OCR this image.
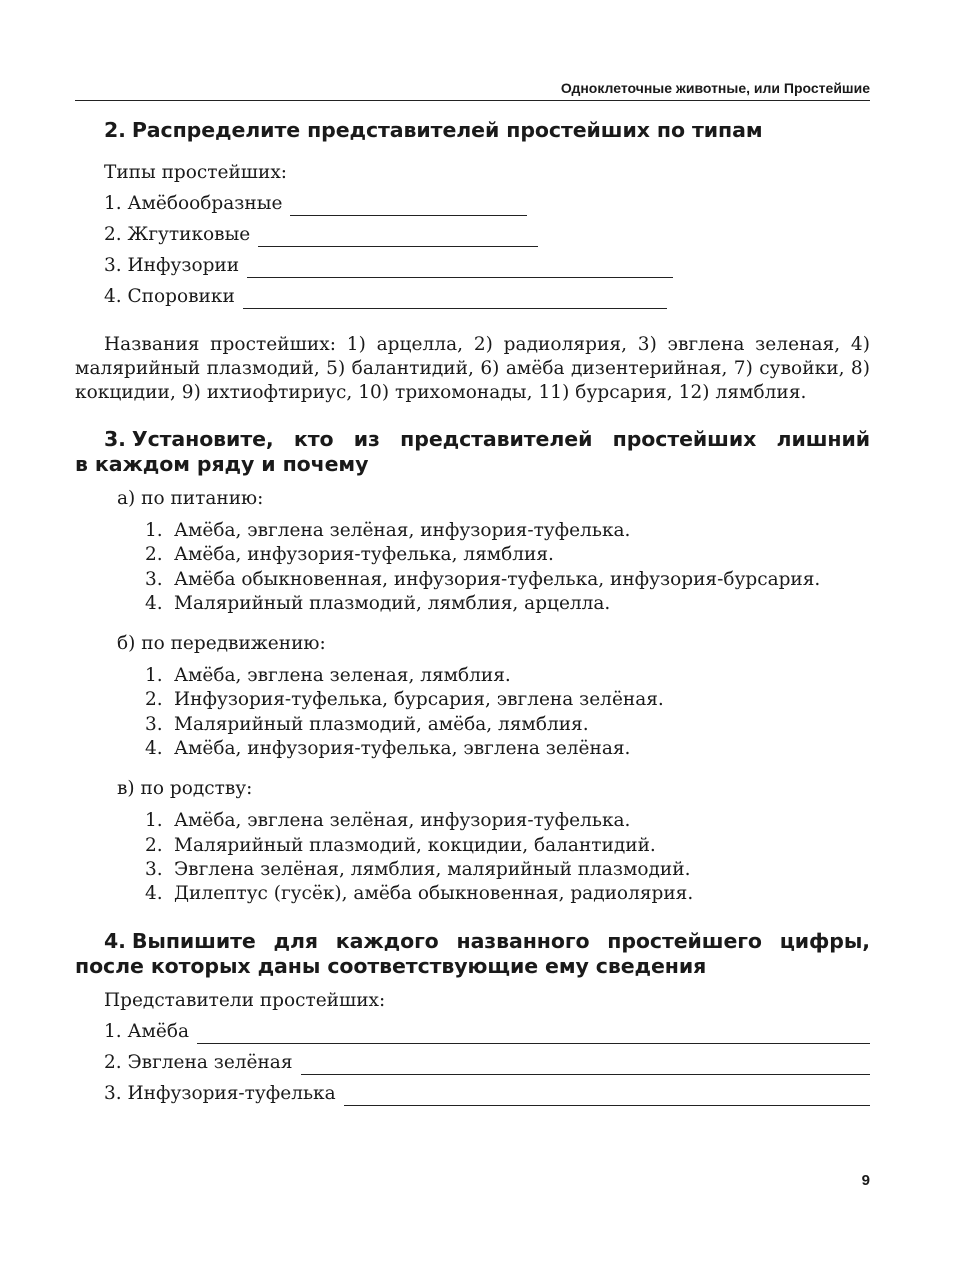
Одноклеточные животные, или Простейшие
2. Распределите представителей простейших по типам
Типы простейших:
1. Амёбообразные
2. Жгутиковые
3. Инфузории
4. Споровики

Названия простейших: 1) арцелла, 2) радиолярия, 3) эвглена зеленая, 4) малярийный плазмодий, 5) балантидий, 6) амёба дизентерийная, 7) сувойки, 8) кокцидии, 9) ихтиофтириус, 10) трихомонады, 11) бурсария, 12) лямблия.

3. Установите, кто из представителей простейших лишний
в каждом ряду и почему
а) по питанию:
1. Амёба, эвглена зелёная, инфузория-туфелька.
2. Амёба, инфузория-туфелька, лямблия.
3. Амёба обыкновенная, инфузория-туфелька, инфузория-бурсария.
4. Малярийный плазмодий, лямблия, арцелла.
б) по передвижению:
1. Амёба, эвглена зеленая, лямблия.
2. Инфузория-туфелька, бурсария, эвглена зелёная.
3. Малярийный плазмодий, амёба, лямблия.
4. Амёба, инфузория-туфелька, эвглена зелёная.
в) по родству:
1. Амёба, эвглена зелёная, инфузория-туфелька.
2. Малярийный плазмодий, кокцидии, балантидий.
3. Эвглена зелёная, лямблия, малярийный плазмодий.
4. Дилептус (гусёк), амёба обыкновенная, радиолярия.
4. Выпишите для каждого названного простейшего цифры,
после которых даны соответствующие ему сведения
Представители простейших:
1. Амёба
2. Эвглена зелёная
3. Инфузория-туфелька
9
